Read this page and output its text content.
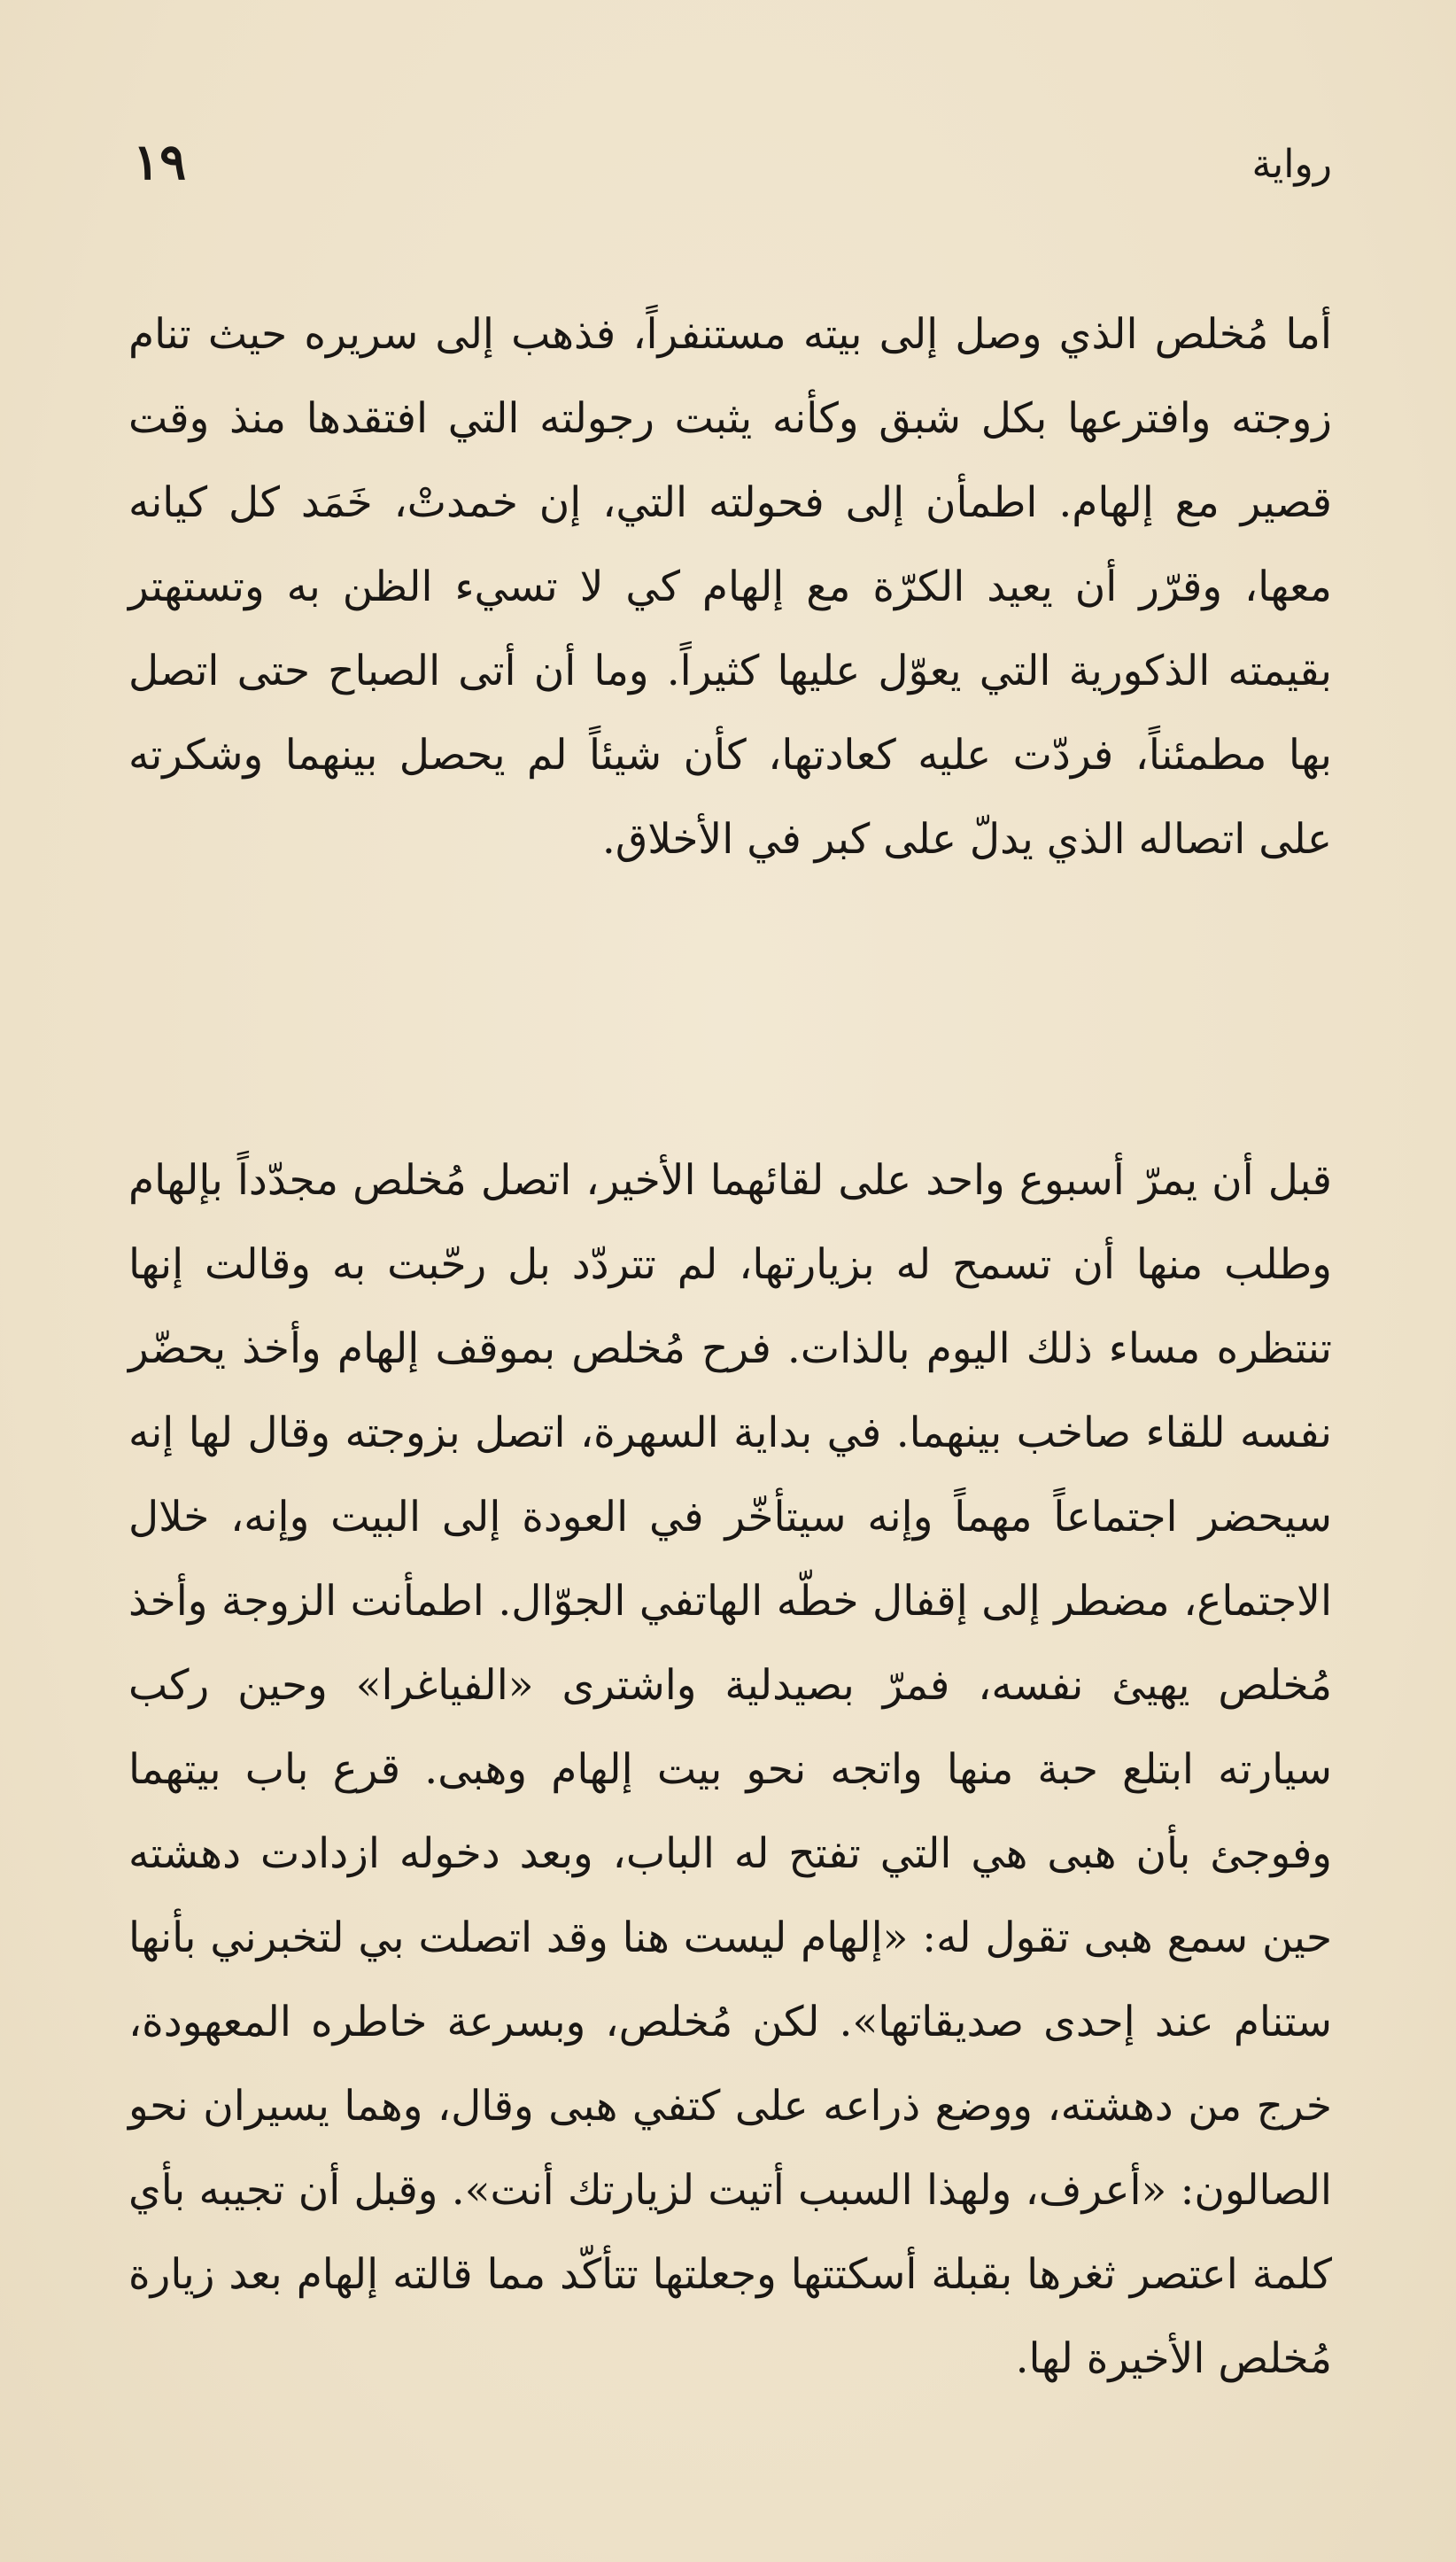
رواية
١٩

أما مُخلص الذي وصل إلى بيته مستنفراً، فذهب إلى سريره حيث تنام زوجته وافترعها بكل شبق وكأنه يثبت رجولته التي افتقدها منذ وقت قصير مع إلهام. اطمأن إلى فحولته التي، إن خمدتْ، خَمَد كل كيانه معها، وقرّر أن يعيد الكرّة مع إلهام كي لا تسيء الظن به وتستهتر بقيمته الذكورية التي يعوّل عليها كثيراً. وما أن أتى الصباح حتى اتصل بها مطمئناً، فردّت عليه كعادتها، كأن شيئاً لم يحصل بينهما وشكرته على اتصاله الذي يدلّ على كبر في الأخلاق.

قبل أن يمرّ أسبوع واحد على لقائهما الأخير، اتصل مُخلص مجدّداً بإلهام وطلب منها أن تسمح له بزيارتها، لم تتردّد بل رحّبت به وقالت إنها تنتظره مساء ذلك اليوم بالذات. فرح مُخلص بموقف إلهام وأخذ يحضّر نفسه للقاء صاخب بينهما. في بداية السهرة، اتصل بزوجته وقال لها إنه سيحضر اجتماعاً مهماً وإنه سيتأخّر في العودة إلى البيت وإنه، خلال الاجتماع، مضطر إلى إقفال خطّه الهاتفي الجوّال. اطمأنت الزوجة وأخذ مُخلص يهيئ نفسه، فمرّ بصيدلية واشترى «الفياغرا» وحين ركب سيارته ابتلع حبة منها واتجه نحو بيت إلهام وهبى. قرع باب بيتهما وفوجئ بأن هبى هي التي تفتح له الباب، وبعد دخوله ازدادت دهشته حين سمع هبى تقول له: «إلهام ليست هنا وقد اتصلت بي لتخبرني بأنها ستنام عند إحدى صديقاتها». لكن مُخلص، وبسرعة خاطره المعهودة، خرج من دهشته، ووضع ذراعه على كتفي هبى وقال، وهما يسيران نحو الصالون: «أعرف، ولهذا السبب أتيت لزيارتك أنت». وقبل أن تجيبه بأي كلمة اعتصر ثغرها بقبلة أسكتتها وجعلتها تتأكّد مما قالته إلهام بعد زيارة مُخلص الأخيرة لها.
